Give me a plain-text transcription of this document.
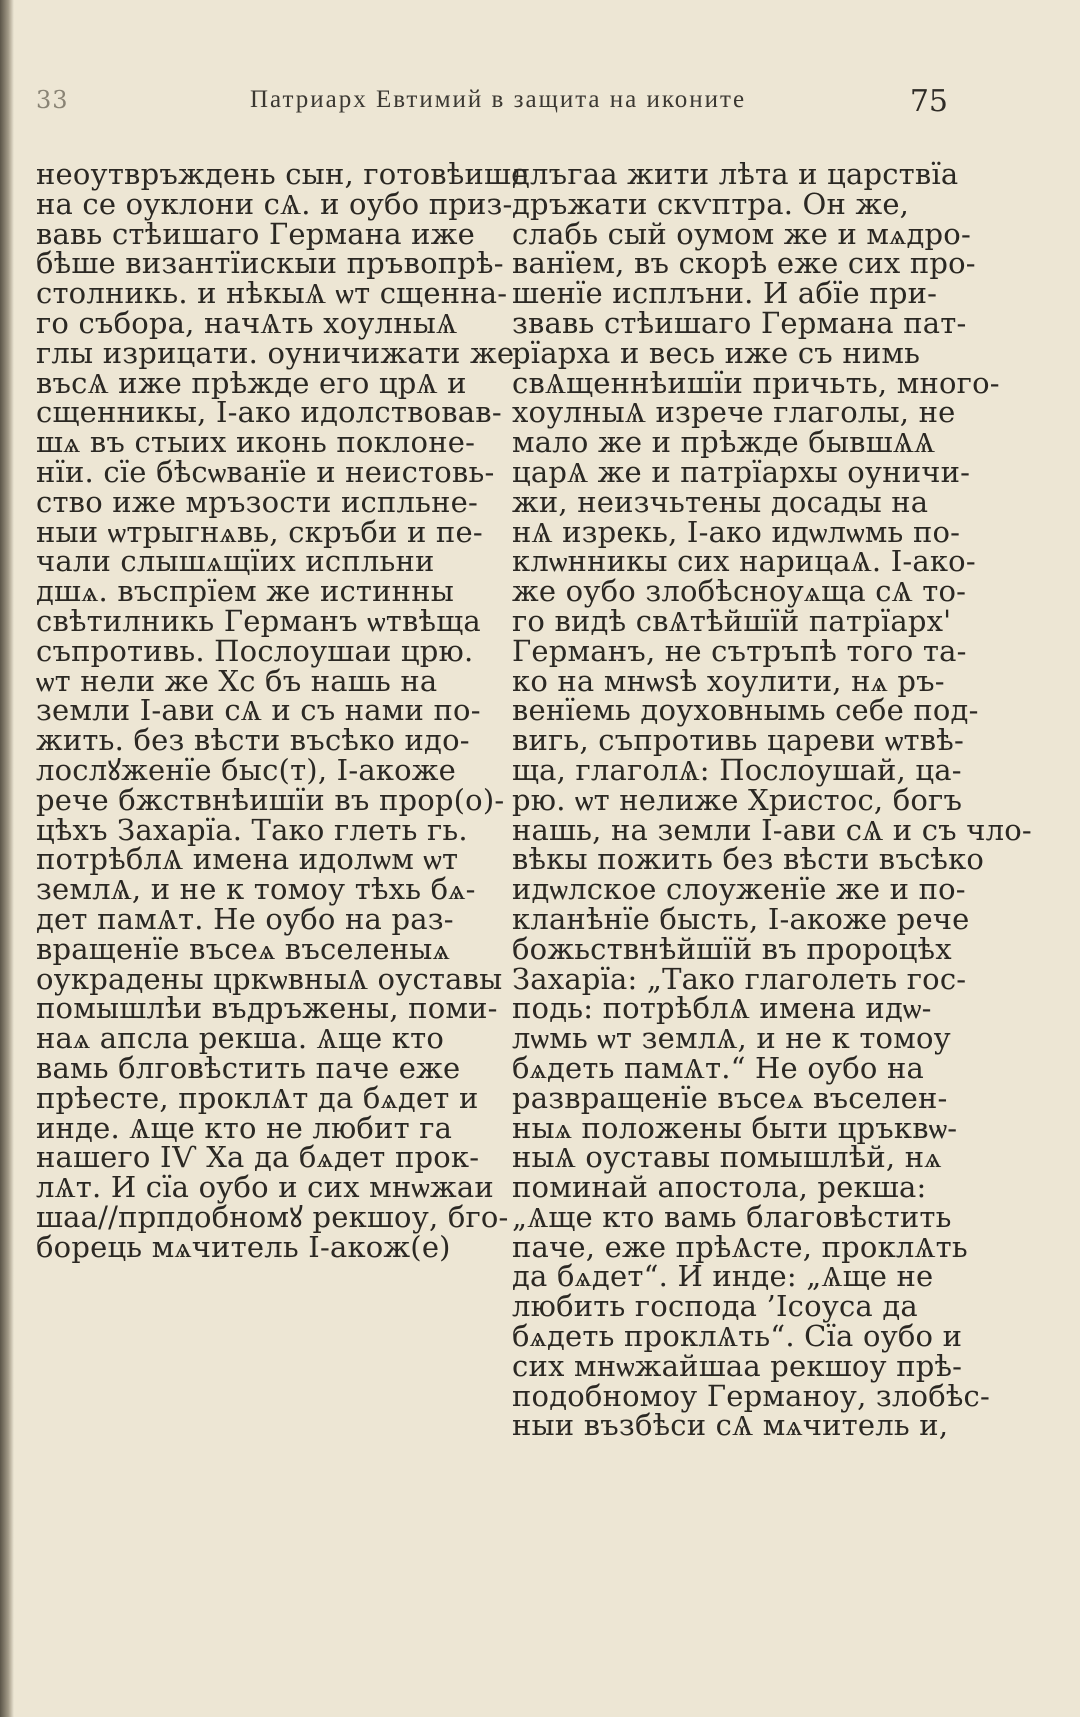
33	Патриарх Евтимий в защита на иконите	75
неоутвръждень сын, готовѣише
на се оуклони сѦ. и оубо приз-
вавь стѣишаго Германа иже
бѣше византїискыи пръвопрѣ-
столникь. и нѣкыѦ ѡт сщенна-
го събора, начѦть хоулныѦ
глы изрицати. оуничижати же
въсѦ иже прѣжде его црѦ и
сщенникы, І-ако идолствовав-
шѧ въ стыих иконь поклоне-
нїи. сїе бѣсѡванїе и неистовь-
ство иже мръзости испльне-
ныи ѡтрыгнѧвь, скръби и пе-
чали слышѧщїих испльни
дшѧ. въспрїем же истинны
свѣтилникь Германъ ѡтвѣща
съпротивь. Послоушаи црю.
ѡт нели же Хс бъ нашь на
земли І-ави сѦ и съ нами по-
жить. без вѣсти въсѣко идо-
лослꙋженїе быс(т), І-акоже
рече бжствнѣишїи въ прор(о)-
цѣхъ Захарїа. Тако глеть гь.
потрѣблѦ имена идолѡм ѡт
землѦ, и не к томоу тѣхь бѧ-
дет памѦт. Не оубо на раз-
вращенїе въсеѧ въселеныѧ
оукрадены цркѡвныѦ оуставы
помышлѣи въдръжены, поми-
наѧ апсла рекша. Ѧще кто
вамь блговѣстить паче еже
прѣесте, проклѦт да бѧдет и
инде. Ѧще кто не любит га
нашего ІѴ Ха да бѧдет прок-
лѦт. И сїа оубо и сих мнѡжаи
шаа//прпдобномꙋ рекшоу, бго-
борець мѧчитель І-акож(е)
длъгаа жити лѣта и царствїа
дръжати скѵптра. Он же,
слабь сый оумом же и мѧдро-
ванїем, въ скорѣ еже сих про-
шенїе исплъни. И абїе при-
звавь стѣишаго Германа пат-
рїарха и весь иже съ нимь
свѦщеннѣишїи причьть, много-
хоулныѦ изрече глаголы, не
мало же и прѣжде бывшѦѦ
царѦ же и патрїархы оуничи-
жи, неизчьтены досады на
нѦ изрекь, І-ако идѡлѡмь по-
клѡнникы сих нарицаѦ. І-ако-
же оубо злобѣсноуѧща сѦ то-
го видѣ свѦтѣйшїй патрїарх'
Германъ, не сътръпѣ того та-
ко на мнѡѕѣ хоулити, нѧ ръ-
венїемь доуховнымь себе под-
вигь, съпротивь цареви ѡтвѣ-
ща, глаголѦ: Послоушай, ца-
рю. ѡт нелиже Христос, богъ
нашь, на земли І-ави сѦ и съ чло-
вѣкы пожить без вѣсти въсѣко
идѡлское слоуженїе же и по-
кланѣнїе бысть, І-акоже рече
божьствнѣйшїй въ пророцѣх
Захарїа: „Тако глаголеть гос-
подь: потрѣблѦ имена идѡ-
лѡмь ѡт землѦ, и не к томоу
бѧдеть памѦт.“ Не оубо на
развращенїе въсеѧ въселен-
ныѧ положены быти цръквѡ-
ныѦ оуставы помышлѣй, нѧ
поминай апостола, рекша:
„Ѧще кто вамь благовѣстить
паче, еже прѣѦсте, проклѦть
да бѧдет“. И инде: „Ѧще не
любить господа ’Ісоуса да
бѧдеть проклѦть“. Сїа оубо и
сих мнѡжайшаа рекшоу прѣ-
подобномоу Германоу, злобѣс-
ныи възбѣси сѦ мѧчитель и,
